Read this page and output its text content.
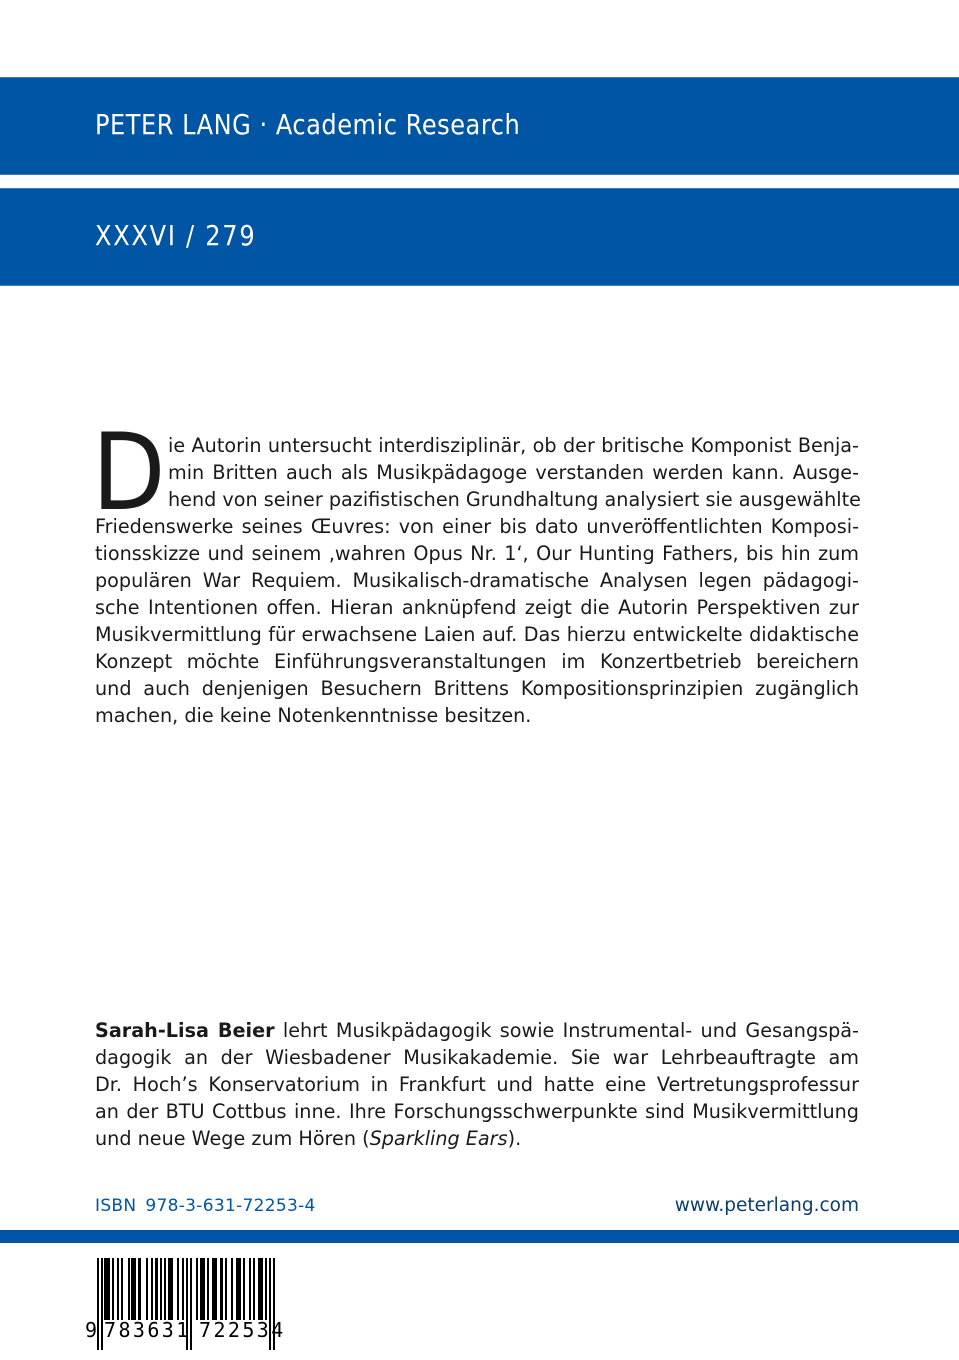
PETER LANG · Academic Research
XXXVI / 279
D ie Autorin untersucht interdisziplinär, ob der britische Komponist Benja-
min Britten auch als Musikpädagoge verstanden werden kann. Ausge-
hend von seiner pazifistischen Grundhaltung analysiert sie ausgewählte
Friedenswerke seines Œuvres: von einer bis dato unveröffentlichten Komposi-
tionsskizze und seinem ‚wahren Opus Nr. 1‘, Our Hunting Fathers, bis hin zum
populären War Requiem. Musikalisch-dramatische Analysen legen pädagogi-
sche Intentionen offen. Hieran anknüpfend zeigt die Autorin Perspektiven zur
Musikvermittlung für erwachsene Laien auf. Das hierzu entwickelte didaktische
Konzept möchte Einführungsveranstaltungen im Konzertbetrieb bereichern
und auch denjenigen Besuchern Brittens Kompositionsprinzipien zugänglich
machen, die keine Notenkenntnisse besitzen.
Sarah-Lisa Beier lehrt Musikpädagogik sowie Instrumental- und Gesangspä-
dagogik an der Wiesbadener Musikakademie. Sie war Lehrbeauftragte am
Dr. Hoch’s Konservatorium in Frankfurt und hatte eine Vertretungsprofessur
an der BTU Cottbus inne. Ihre Forschungsschwerpunkte sind Musikvermittlung
und neue Wege zum Hören (Sparkling Ears).
ISBN 978-3-631-72253-4	www.peterlang.com
9 783631 722534
